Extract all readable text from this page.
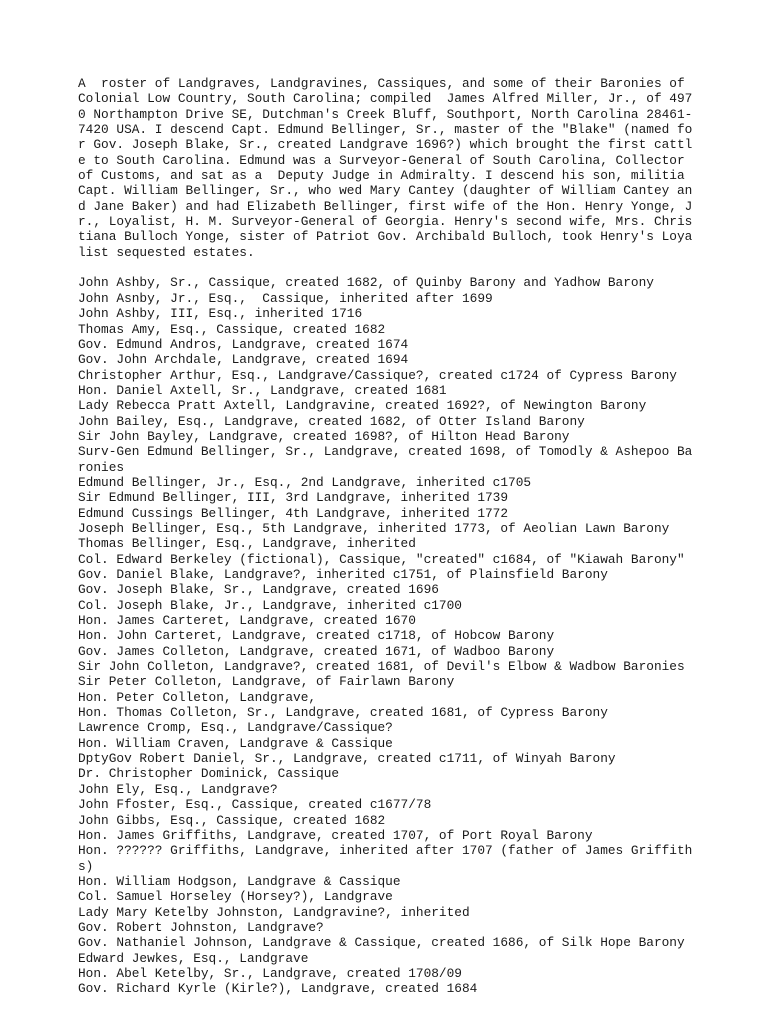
A  roster of Landgraves, Landgravines, Cassiques, and some of their Baronies of
Colonial Low Country, South Carolina; compiled  James Alfred Miller, Jr., of 497
0 Northampton Drive SE, Dutchman's Creek Bluff, Southport, North Carolina 28461-
7420 USA. I descend Capt. Edmund Bellinger, Sr., master of the "Blake" (named fo
r Gov. Joseph Blake, Sr., created Landgrave 1696?) which brought the first cattl
e to South Carolina. Edmund was a Surveyor-General of South Carolina, Collector
of Customs, and sat as a  Deputy Judge in Admiralty. I descend his son, militia
Capt. William Bellinger, Sr., who wed Mary Cantey (daughter of William Cantey an
d Jane Baker) and had Elizabeth Bellinger, first wife of the Hon. Henry Yonge, J
r., Loyalist, H. M. Surveyor-General of Georgia. Henry's second wife, Mrs. Chris
tiana Bulloch Yonge, sister of Patriot Gov. Archibald Bulloch, took Henry's Loya
list sequested estates.
John Ashby, Sr., Cassique, created 1682, of Quinby Barony and Yadhow Barony
John Asnby, Jr., Esq.,  Cassique, inherited after 1699
John Ashby, III, Esq., inherited 1716
Thomas Amy, Esq., Cassique, created 1682
Gov. Edmund Andros, Landgrave, created 1674
Gov. John Archdale, Landgrave, created 1694
Christopher Arthur, Esq., Landgrave/Cassique?, created c1724 of Cypress Barony
Hon. Daniel Axtell, Sr., Landgrave, created 1681
Lady Rebecca Pratt Axtell, Landgravine, created 1692?, of Newington Barony
John Bailey, Esq., Landgrave, created 1682, of Otter Island Barony
Sir John Bayley, Landgrave, created 1698?, of Hilton Head Barony
Surv-Gen Edmund Bellinger, Sr., Landgrave, created 1698, of Tomodly & Ashepoo Ba
ronies
Edmund Bellinger, Jr., Esq., 2nd Landgrave, inherited c1705
Sir Edmund Bellinger, III, 3rd Landgrave, inherited 1739
Edmund Cussings Bellinger, 4th Landgrave, inherited 1772
Joseph Bellinger, Esq., 5th Landgrave, inherited 1773, of Aeolian Lawn Barony
Thomas Bellinger, Esq., Landgrave, inherited
Col. Edward Berkeley (fictional), Cassique, "created" c1684, of "Kiawah Barony"
Gov. Daniel Blake, Landgrave?, inherited c1751, of Plainsfield Barony
Gov. Joseph Blake, Sr., Landgrave, created 1696
Col. Joseph Blake, Jr., Landgrave, inherited c1700
Hon. James Carteret, Landgrave, created 1670
Hon. John Carteret, Landgrave, created c1718, of Hobcow Barony
Gov. James Colleton, Landgrave, created 1671, of Wadboo Barony
Sir John Colleton, Landgrave?, created 1681, of Devil's Elbow & Wadbow Baronies
Sir Peter Colleton, Landgrave, of Fairlawn Barony
Hon. Peter Colleton, Landgrave,
Hon. Thomas Colleton, Sr., Landgrave, created 1681, of Cypress Barony
Lawrence Cromp, Esq., Landgrave/Cassique?
Hon. William Craven, Landgrave & Cassique
DptyGov Robert Daniel, Sr., Landgrave, created c1711, of Winyah Barony
Dr. Christopher Dominick, Cassique
John Ely, Esq., Landgrave?
John Ffoster, Esq., Cassique, created c1677/78
John Gibbs, Esq., Cassique, created 1682
Hon. James Griffiths, Landgrave, created 1707, of Port Royal Barony
Hon. ?????? Griffiths, Landgrave, inherited after 1707 (father of James Griffith
s)
Hon. William Hodgson, Landgrave & Cassique
Col. Samuel Horseley (Horsey?), Landgrave
Lady Mary Ketelby Johnston, Landgravine?, inherited
Gov. Robert Johnston, Landgrave?
Gov. Nathaniel Johnson, Landgrave & Cassique, created 1686, of Silk Hope Barony
Edward Jewkes, Esq., Landgrave
Hon. Abel Ketelby, Sr., Landgrave, created 1708/09
Gov. Richard Kyrle (Kirle?), Landgrave, created 1684
